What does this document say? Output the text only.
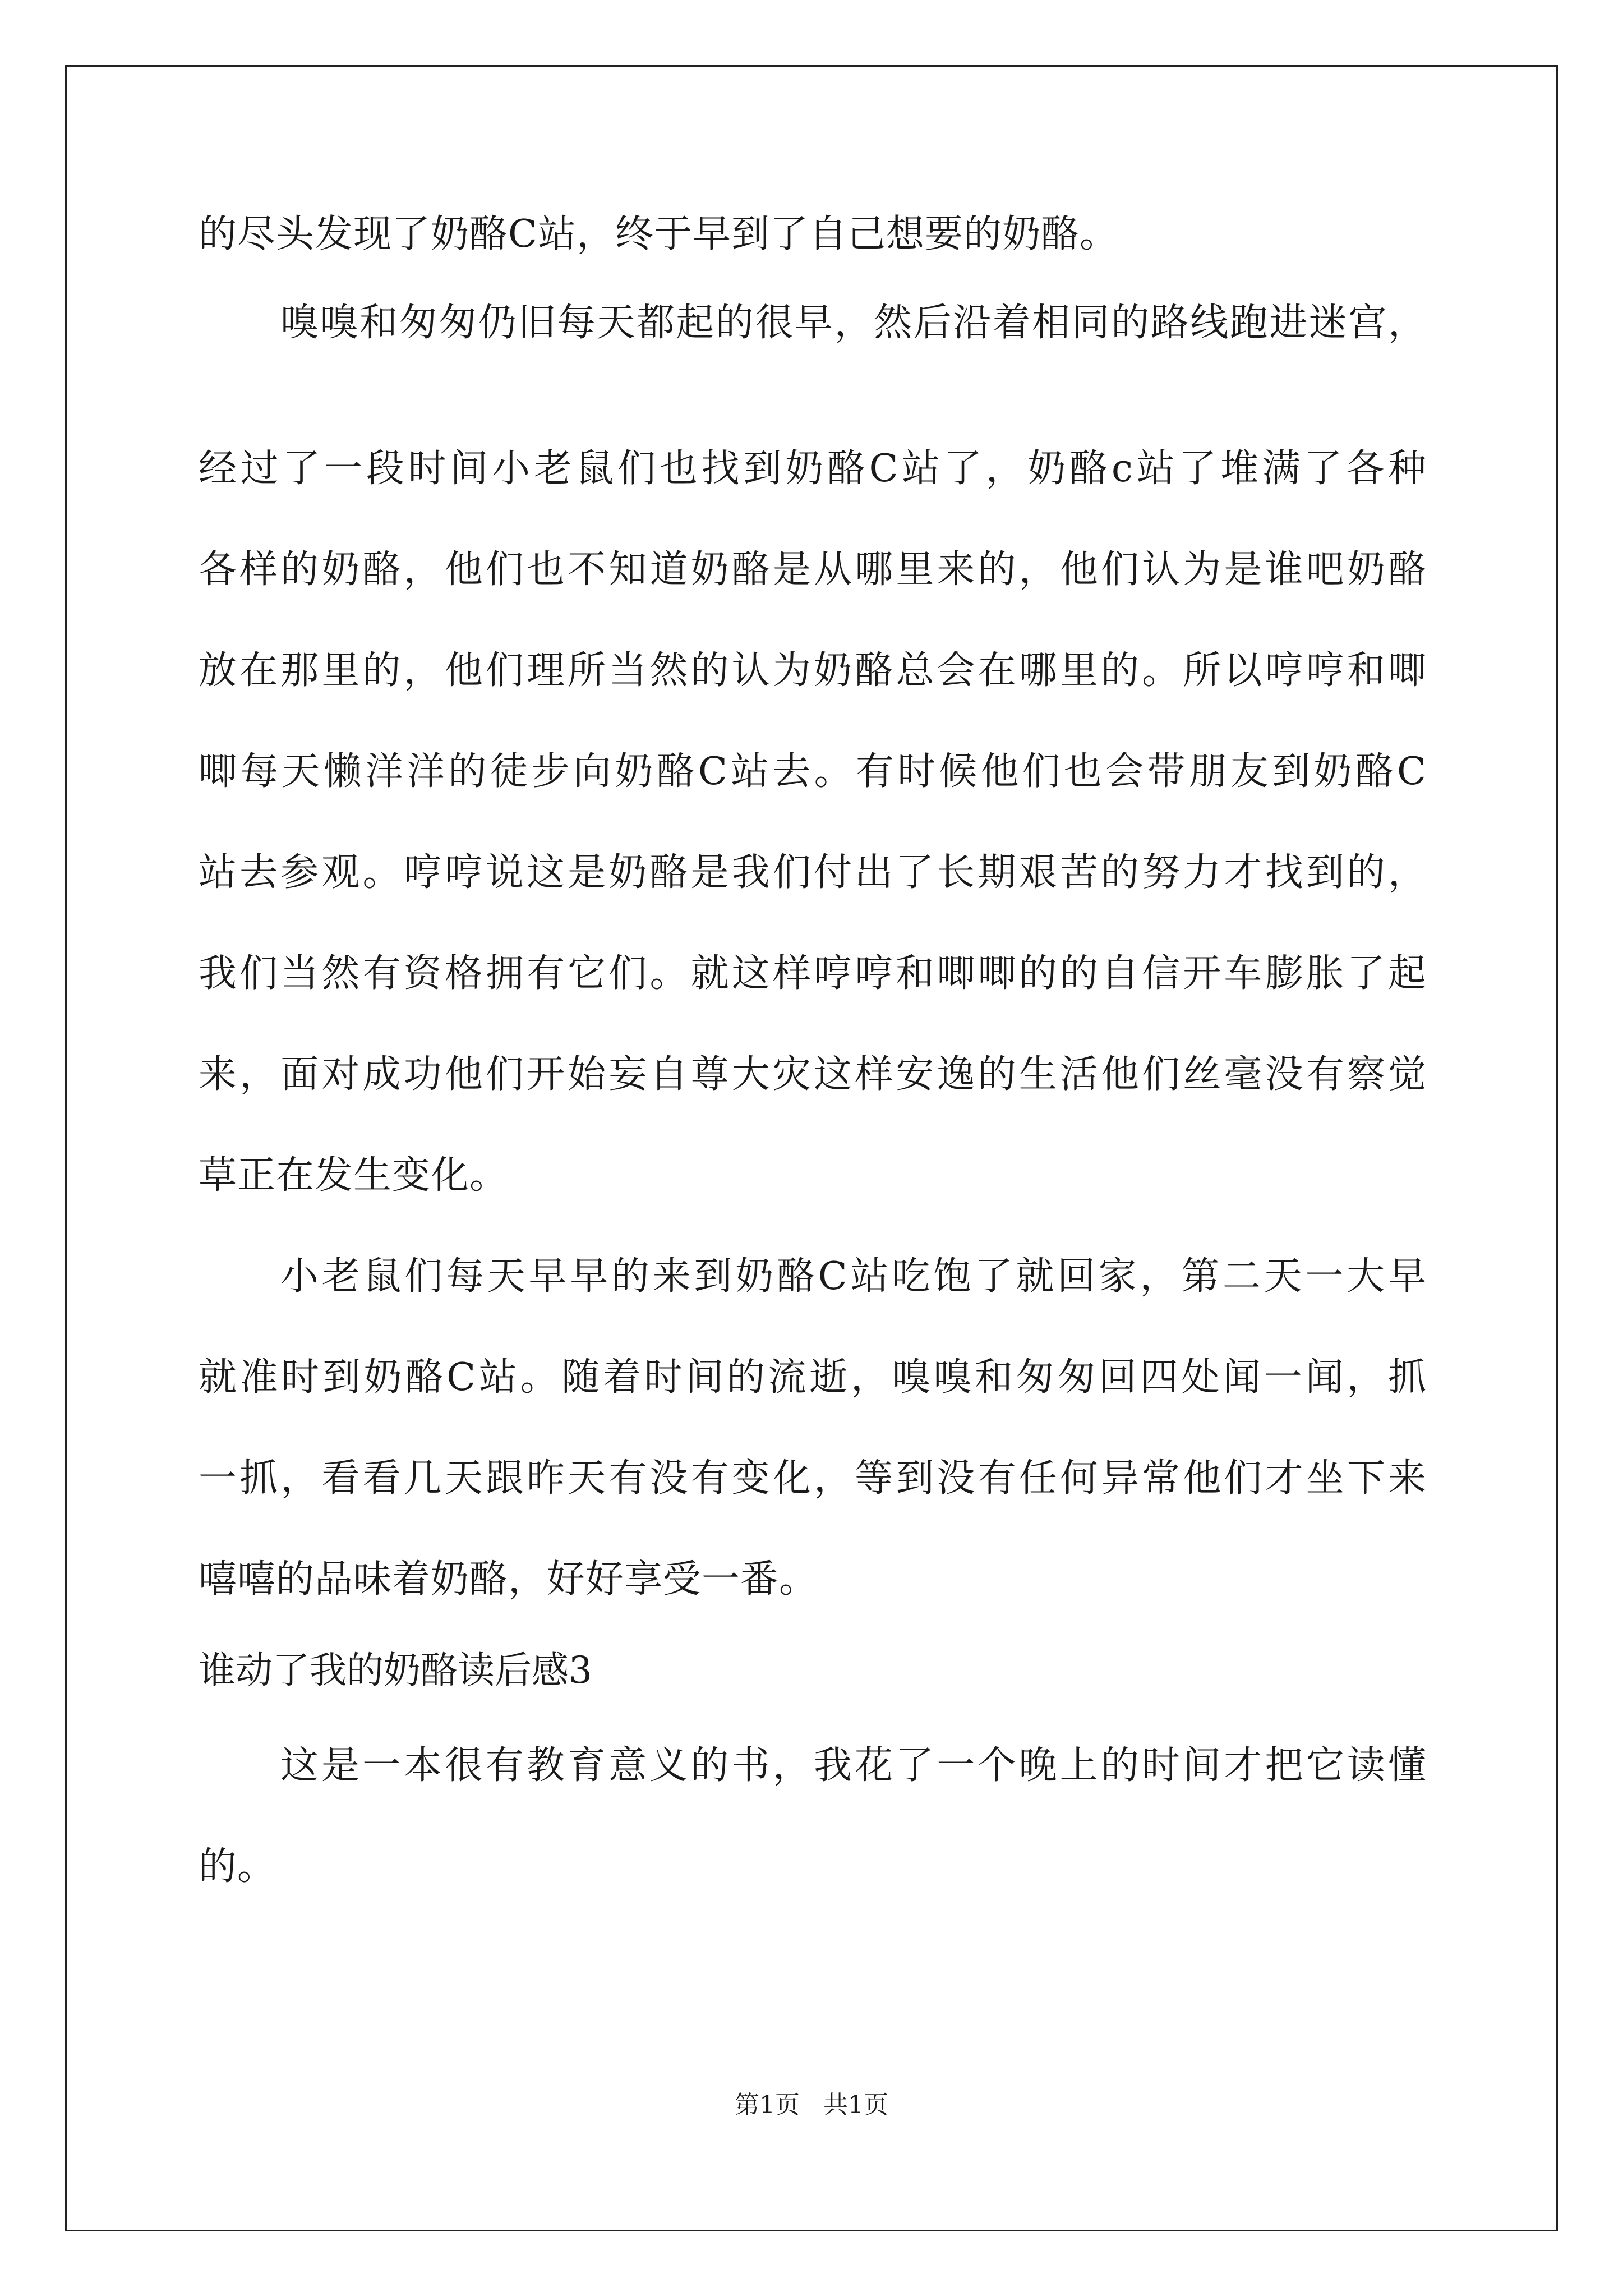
的尽头发现了奶酪C站，终于早到了自己想要的奶酪。
嗅嗅和匆匆仍旧每天都起的很早，然后沿着相同的路线跑进迷宫，
经过了一段时间小老鼠们也找到奶酪C站了，奶酪c站了堆满了各种
各样的奶酪，他们也不知道奶酪是从哪里来的，他们认为是谁吧奶酪
放在那里的，他们理所当然的认为奶酪总会在哪里的。所以哼哼和唧
唧每天懒洋洋的徒步向奶酪C站去。有时候他们也会带朋友到奶酪C
站去参观。哼哼说这是奶酪是我们付出了长期艰苦的努力才找到的，
我们当然有资格拥有它们。就这样哼哼和唧唧的的自信开车膨胀了起
来，面对成功他们开始妄自尊大灾这样安逸的生活他们丝毫没有察觉
草正在发生变化。
小老鼠们每天早早的来到奶酪C站吃饱了就回家，第二天一大早
就准时到奶酪C站。随着时间的流逝，嗅嗅和匆匆回四处闻一闻，抓
一抓，看看几天跟昨天有没有变化，等到没有任何异常他们才坐下来
嘻嘻的品味着奶酪，好好享受一番。
谁动了我的奶酪读后感3
这是一本很有教育意义的书，我花了一个晚上的时间才把它读懂
的。
第1页   共1页
